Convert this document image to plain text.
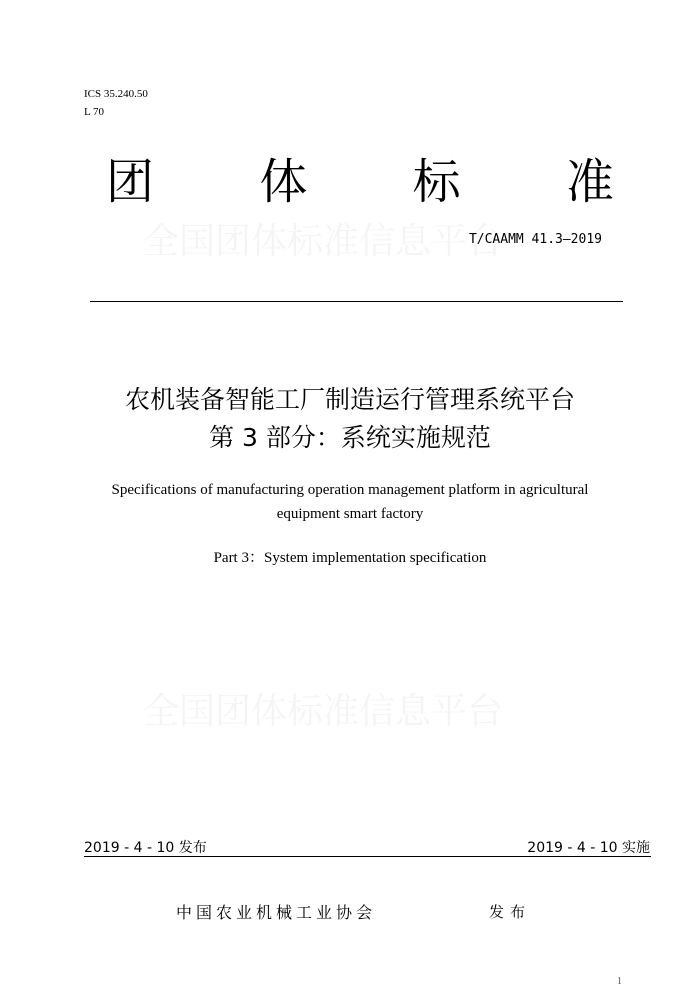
ICS 35.240.50
L 70
团 体 标 准
T/CAAMM 41.3—2019
农机装备智能工厂制造运行管理系统平台
第 3 部分：系统实施规范
Specifications of manufacturing operation management platform in agricultural
equipment smart factory
Part 3：System implementation specification
2019 - 4 - 10 发布	2019 - 4 - 10 实施
中国农业机械工业协会	发布
1
